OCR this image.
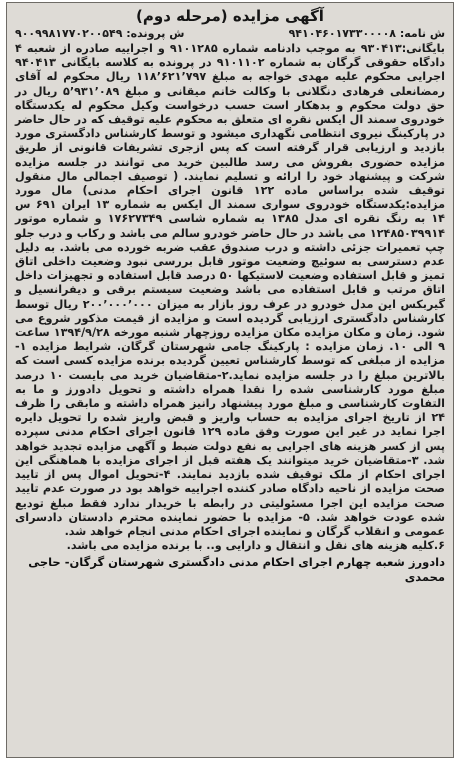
آگهی مزایده (مرحله دوم)
ش نامه: ۹۴۱۰۴۶۰۱۷۳۳۰۰۰۰۸
ش پرونده: ۹۰۰۹۹۸۱۷۷۰۲۰۰۵۴۹

بایگانی:۹۳۰۴۱۳ به موجب دادنامه شماره ۹۱۰۱۲۸۵ و اجراییه صادره از شعبه ۴ دادگاه حقوقی گرگان به شماره ۹۱۰۱۱۰۲ در پرونده به کلاسه بایگانی ۹۴۰۴۱۳ اجرایی محکوم علیه مهدی خواجه به مبلغ ۱۱۸٬۶۲۱٬۷۹۷ ریال محکوم له آقای رمضانعلی فرهادی دنگلانی با وکالت خانم میقانی و مبلغ ۵٬۹۳۱٬۰۸۹ ریال در حق دولت محکوم و بدهکار است حسب درخواست وکیل محکوم له یکدستگاه خودروی سمند ال ایکس نقره ای متعلق به محکوم علیه توقیف که در حال حاضر در پارکینگ نیروی انتظامی نگهداری میشود و توسط کارشناس دادگستری مورد بازدید و ارزیابی قرار گرفته است که پس ازجری تشریفات قانونی از طریق مزایده حضوری بفروش می رسد طالبین خرید می توانند در جلسه مزایده شرکت و پیشنهاد خود را ارائه و تسلیم نمایند. ( توصیف اجمالی مال منقول توقیف شده براساس ماده ۱۲۲ قانون اجرای احکام مدنی) مال مورد مزایده:یکدستگاه خودروی سواری سمند ال ایکس به شماره ۱۳ ایران ۶۹۱ س ۱۴ به رنگ نقره ای مدل ۱۳۸۵ به شماره شاسی ۱۷۶۲۷۳۴۹ و شماره موتور ۱۲۴۸۵۰۳۹۹۱۴ می باشد در حال حاضر خودرو سالم می باشد و رکاب و درب جلو چپ تعمیرات جزئی داشته و درب صندوق عقب ضربه خورده می باشد. به دلیل عدم دسترسی به سوئیچ وضعیت موتور قابل بررسی نبود وضعیت داخلی اتاق تمیز و قابل استفاده وضعیت لاستیکها ۵۰ درصد قابل استفاده و تجهیزات داخل اتاق مرتب و قابل استفاده می باشد وضعیت سیستم برقی و دیفرانسیل و گیربکس این مدل خودرو در عرف روز بازار به میزان ۲۰۰٬۰۰۰٬۰۰۰ ریال توسط کارشناس دادگستری ارزیابی گردیده است و مزایده از قیمت مذکور شروع می شود. زمان و مکان مزایده مکان مزایده روزچهار شنبه مورخه ۱۳۹۴/۹/۲۸ ساعت ۹ الی ۱۰. زمان مزایده : پارکینگ جامی شهرستان گرگان. شرایط مزایده ۱- مزایده از مبلغی که توسط کارشناس تعیین گردیده برنده مزایده کسی است که بالاترین مبلغ را در جلسه مزایده نماید.۲-متقاضیان خرید می بایست ۱۰ درصد مبلغ مورد کارشناسی شده را نقدا همراه داشته و تحویل دادورز و ما به التفاوت کارشناسی و مبلغ مورد پیشنهاد رانیز همراه داشته و مابقی را ظرف ۲۴ از تاریخ اجرای مزایده به حساب واریز و قبض واریز شده را تحویل دایره اجرا نماید در غیر این صورت وفق ماده ۱۲۹ قانون اجرای احکام مدنی سپرده پس از کسر هزینه های اجرایی به نفع دولت ضبط و آگهی مزایده تجدید خواهد شد. ۳-متقاضیان خرید میتوانند یک هفته قبل از اجرای مزایده با هماهنگی این اجرای احکام از ملک توقیف شده بازدید نمایند. ۴-تحویل اموال پس از تایید صحت مزایده از ناحیه دادگاه صادر کننده اجراییه خواهد بود در صورت عدم تایید صحت مزایده این اجرا مسئولیتی در رابطه با خریدار ندارد فقط مبلغ تودیع شده عودت خواهد شد. ۵- مزایده با حضور نماینده محترم دادستان دادسرای عمومی و انقلاب گرگان و نماینده اجرای احکام مدنی انجام خواهد شد.

۶.کلیه هزینه های نقل و انتقال و دارایی و.. با برنده مزایده می باشد.
دادورز شعبه چهارم اجرای احکام مدنی دادگستری شهرستان گرگان- حاجی محمدی
